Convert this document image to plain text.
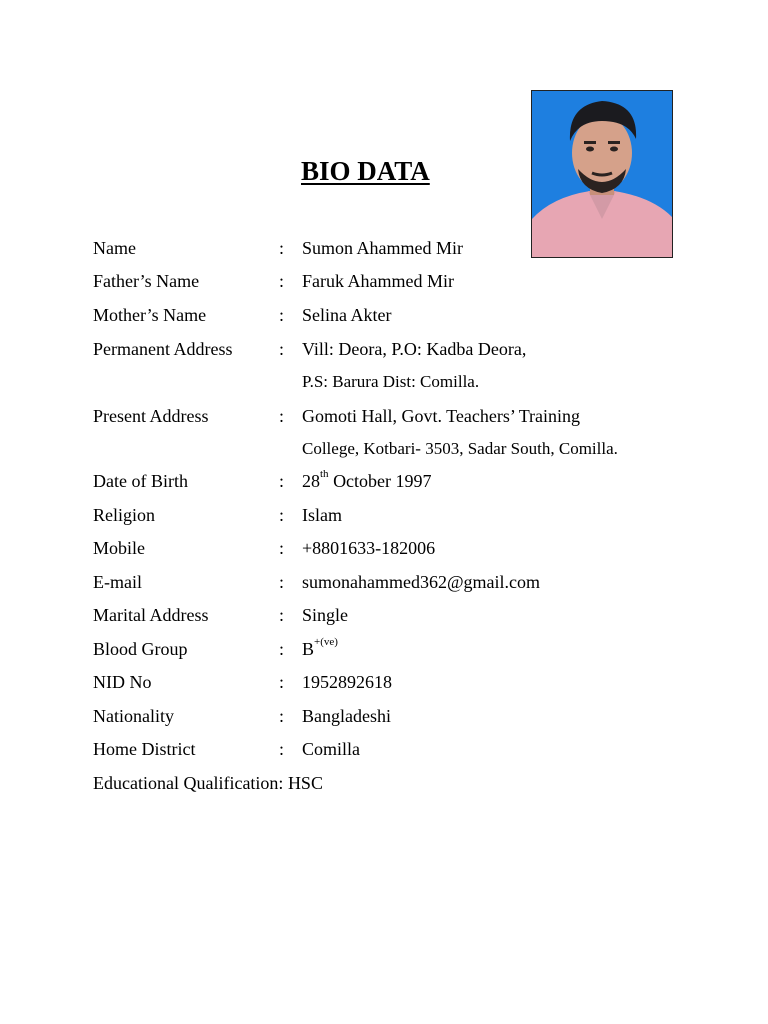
BIO DATA
Name	: Sumon Ahammed Mir
Father’s Name	: Faruk Ahammed Mir
Mother’s Name	: Selina Akter
Permanent Address	: Vill: Deora, P.O: Kadba Deora,
P.S: Barura Dist: Comilla.
Present Address	: Gomoti Hall, Govt. Teachers’ Training
College, Kotbari- 3503, Sadar South, Comilla.
Date of Birth	: 28th October 1997
Religion	: Islam
Mobile	: +8801633-182006
E-mail	: sumonahammed362@gmail.com
Marital Address	: Single
Blood Group	: $B^{+(ve)}$
NID No	: 1952892618
Nationality	: Bangladeshi
Home District	: Comilla
Educational Qualification: HSC
